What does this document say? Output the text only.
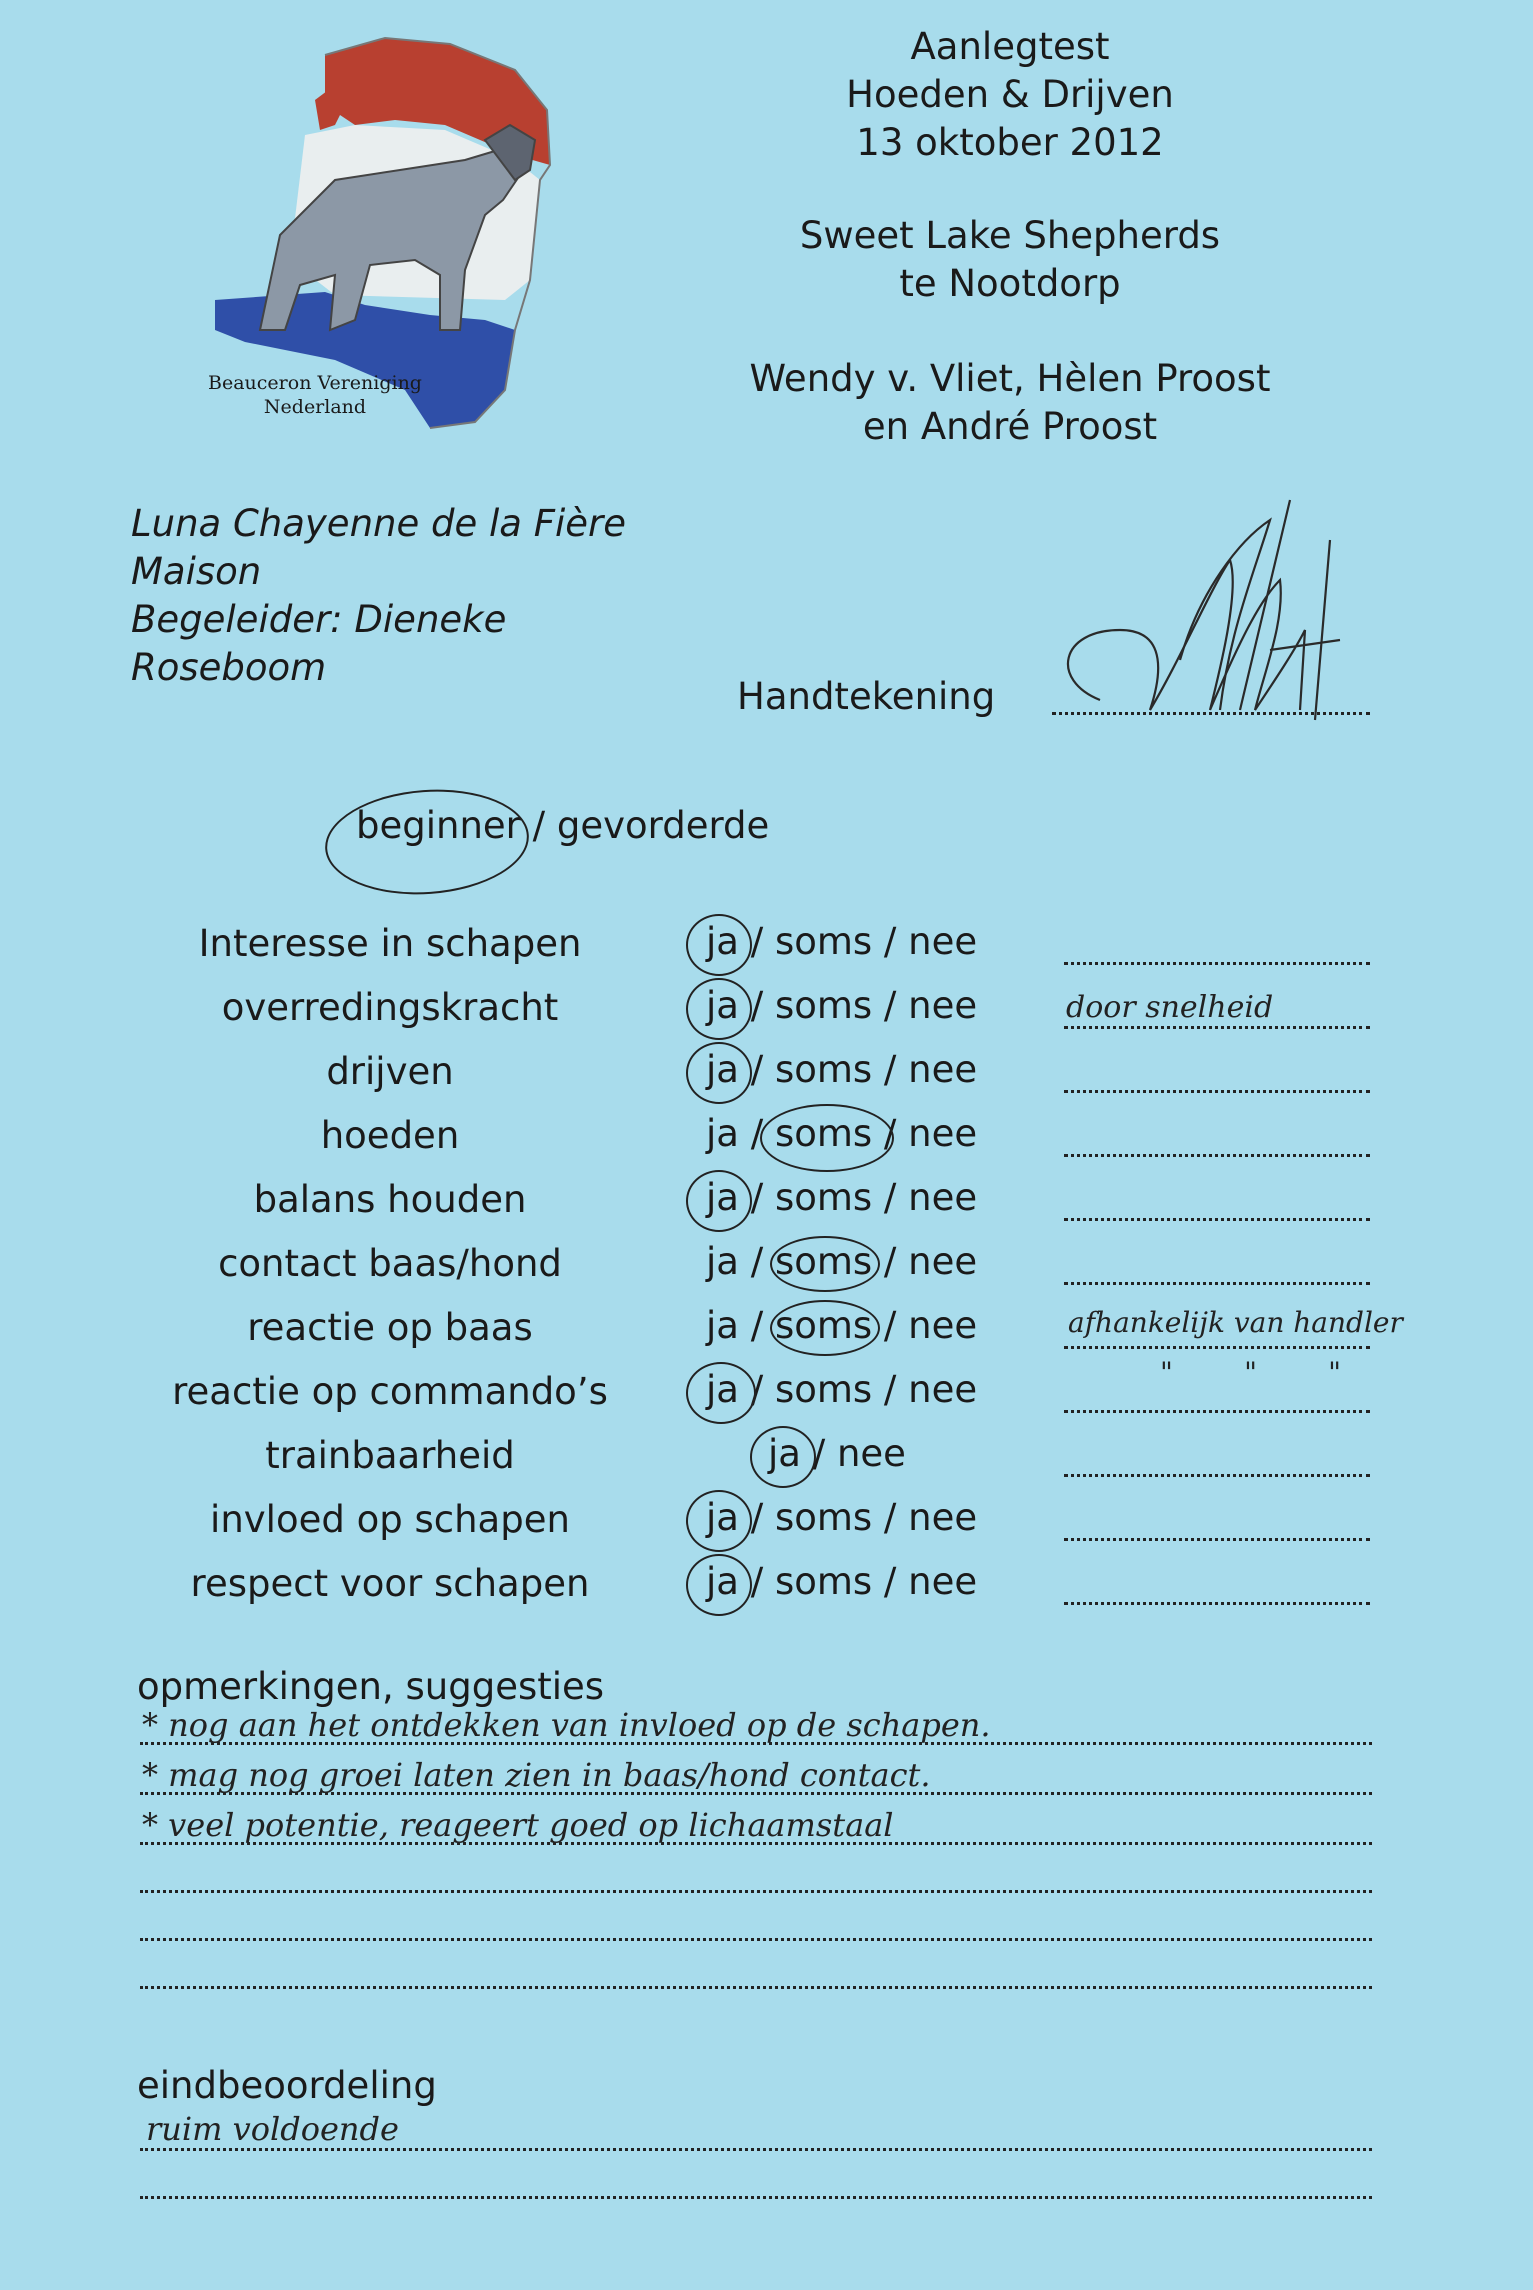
Beauceron Vereniging
Nederland
Aanlegtest
Hoeden & Drijven
13 oktober 2012
Sweet Lake Shepherds
te Nootdorp
Wendy v. Vliet, Hèlen Proost
en André Proost
Luna Chayenne de la Fière
Maison
Begeleider: Dieneke
Roseboom
Handtekening
beginner / gevorderde
Interesse in schapen	ja / soms / nee
overredingskracht	ja / soms / nee	door snelheid
drijven	ja / soms / nee
hoeden	ja / soms / nee
balans houden	ja / soms / nee
contact baas/hond	ja / soms / nee
reactie op baas	ja / soms / nee	afhankelijk van handler
reactie op commando’s	ja / soms / nee	"        "        "
trainbaarheid	ja / nee
invloed op schapen	ja / soms / nee
respect voor schapen	ja / soms / nee
opmerkingen, suggesties
* nog aan het ontdekken van invloed op de schapen.
* mag nog groei laten zien in baas/hond contact.
* veel potentie, reageert goed op lichaamstaal
eindbeoordeling
ruim voldoende
